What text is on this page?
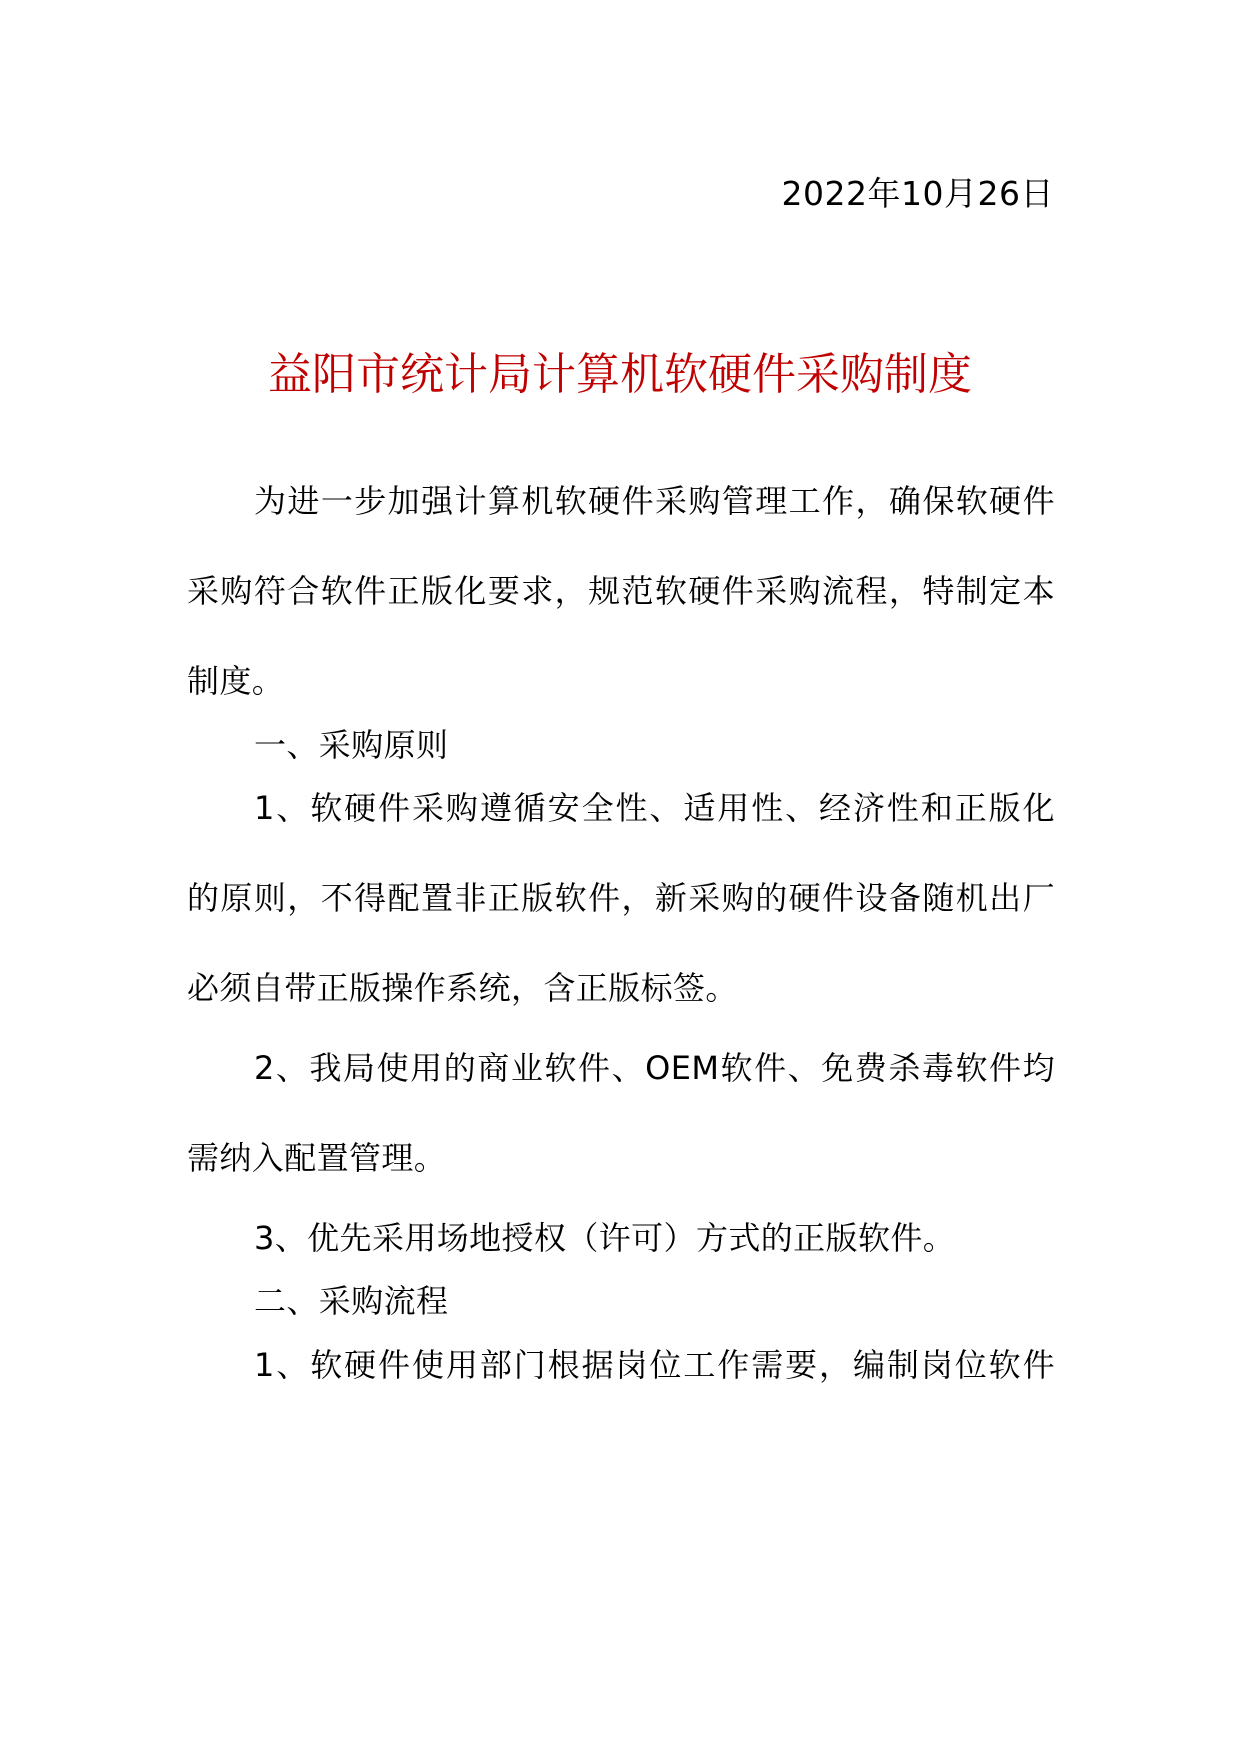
2022年10月26日
益阳市统计局计算机软硬件采购制度
为进一步加强计算机软硬件采购管理工作，确保软硬件
采购符合软件正版化要求，规范软硬件采购流程，特制定本
制度。
一、采购原则
1、软硬件采购遵循安全性、适用性、经济性和正版化
的原则，不得配置非正版软件，新采购的硬件设备随机出厂
必须自带正版操作系统，含正版标签。
2、我局使用的商业软件、OEM软件、免费杀毒软件均
需纳入配置管理。
3、优先采用场地授权（许可）方式的正版软件。
二、采购流程
1、软硬件使用部门根据岗位工作需要，编制岗位软件
